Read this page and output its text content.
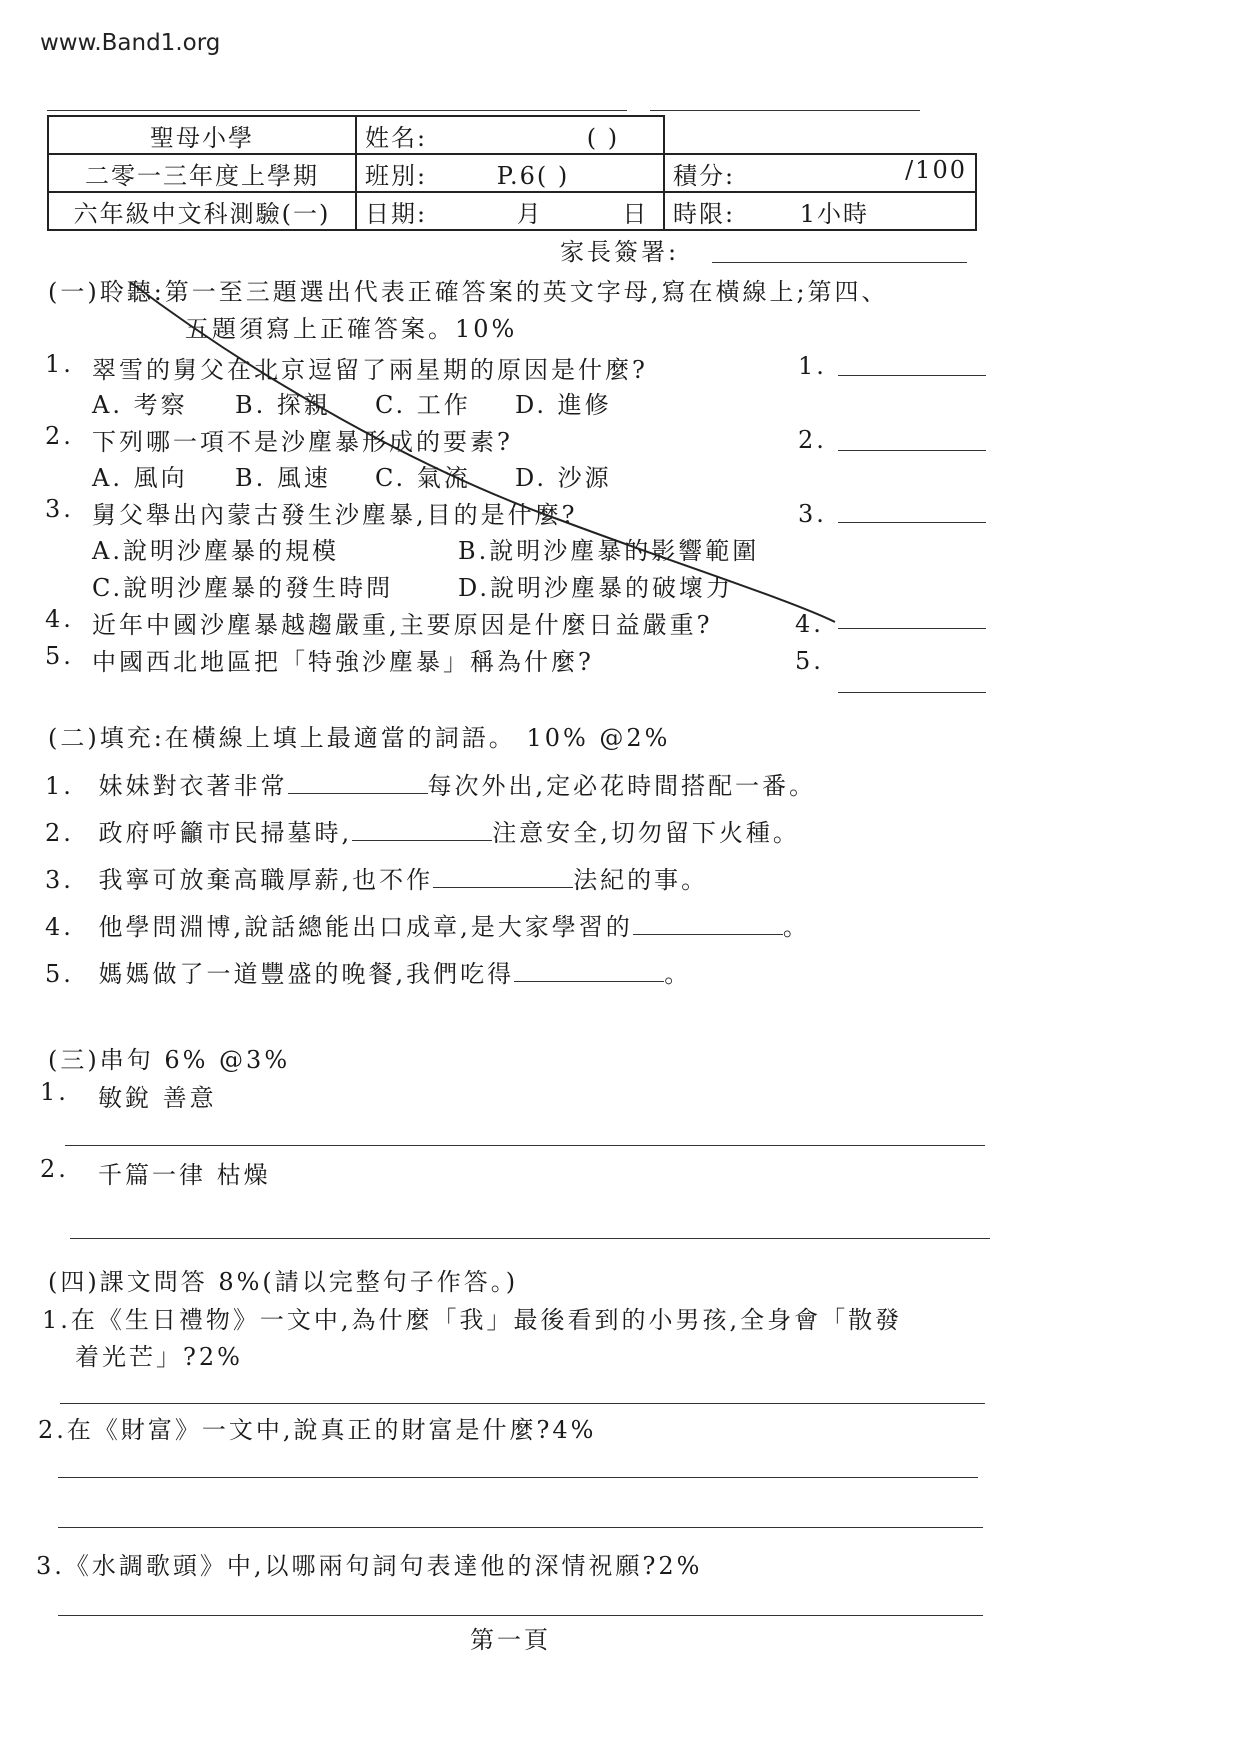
www.Band1.org
聖母小學	姓名: ( )	
二零一三年度上學期	班別: P.6( )	積分: /100

六年級中文科測驗(一)	日期: 月 日	時限: 1小時
家長簽署:
(一)聆聽:第一至三題選出代表正確答案的英文字母,寫在橫線上;第四、
五題須寫上正確答案。10%
1. 翠雪的舅父在北京逗留了兩星期的原因是什麼?
A. 考察 B. 探親 C. 工作 D. 進修
1.
2. 下列哪一項不是沙塵暴形成的要素?
A. 風向 B. 風速 C. 氣流 D. 沙源
2.
3. 舅父舉出內蒙古發生沙塵暴,目的是什麼?
A.說明沙塵暴的規模	B.說明沙塵暴的影響範圍
C.說明沙塵暴的發生時問	D.說明沙塵暴的破壞力
3.
4. 近年中國沙塵暴越趨嚴重,主要原因是什麼日益嚴重?	4.
5. 中國西北地區把「特強沙塵暴」稱為什麼?	5.
(二)填充:在橫線上填上最適當的詞語。 10% @2%
1. 妹妹對衣著非常	每次外出,定必花時間搭配一番。
2. 政府呼籲市民掃墓時,	注意安全,切勿留下火種。
3. 我寧可放棄高職厚薪,也不作	法紀的事。
4. 他學問淵博,說話總能出口成章,是大家學習的	。
5. 媽媽做了一道豐盛的晚餐,我們吃得	。
(三)串句 6% @3%
1. 敏銳 善意
2. 千篇一律 枯燥
(四)課文問答 8%(請以完整句子作答。)
1.在《生日禮物》一文中,為什麼「我」最後看到的小男孩,全身會「散發
着光芒」?2%
2.在《財富》一文中,說真正的財富是什麼?4%
3.《水調歌頭》中,以哪兩句詞句表達他的深情祝願?2%
第一頁
